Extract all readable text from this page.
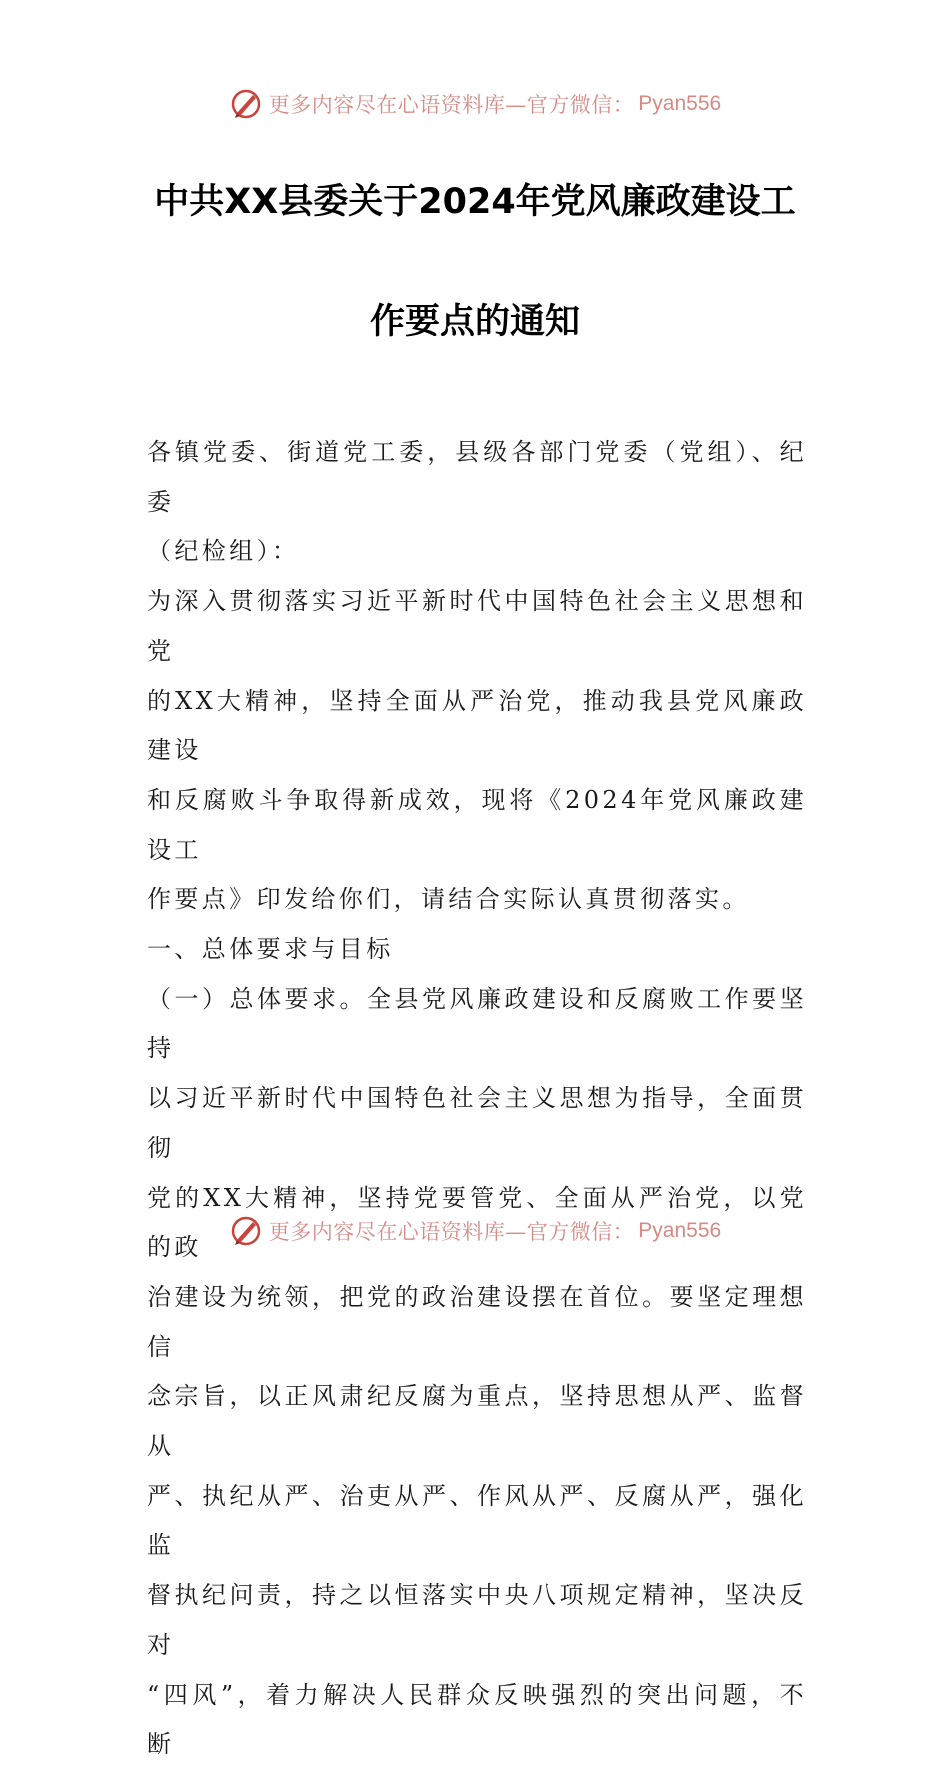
更多内容尽在心语资料库—官方微信： Pyan556
中共XX县委关于2024年党风廉政建设工
作要点的通知

各镇党委、街道党工委，县级各部门党委（党组）、纪委

（纪检组）：

为深入贯彻落实习近平新时代中国特色社会主义思想和党

的XX大精神，坚持全面从严治党，推动我县党风廉政建设

和反腐败斗争取得新成效，现将《2024年党风廉政建设工

作要点》印发给你们，请结合实际认真贯彻落实。

一、总体要求与目标

（一）总体要求。全县党风廉政建设和反腐败工作要坚持

以习近平新时代中国特色社会主义思想为指导，全面贯彻

党的XX大精神，坚持党要管党、全面从严治党，以党的政

治建设为统领，把党的政治建设摆在首位。要坚定理想信

念宗旨，以正风肃纪反腐为重点，坚持思想从严、监督从

严、执纪从严、治吏从严、作风从严、反腐从严，强化监

督执纪问责，持之以恒落实中央八项规定精神，坚决反对

“四风”，着力解决人民群众反映强烈的突出问题，不断

更多内容尽在心语资料库—官方微信： Pyan556
